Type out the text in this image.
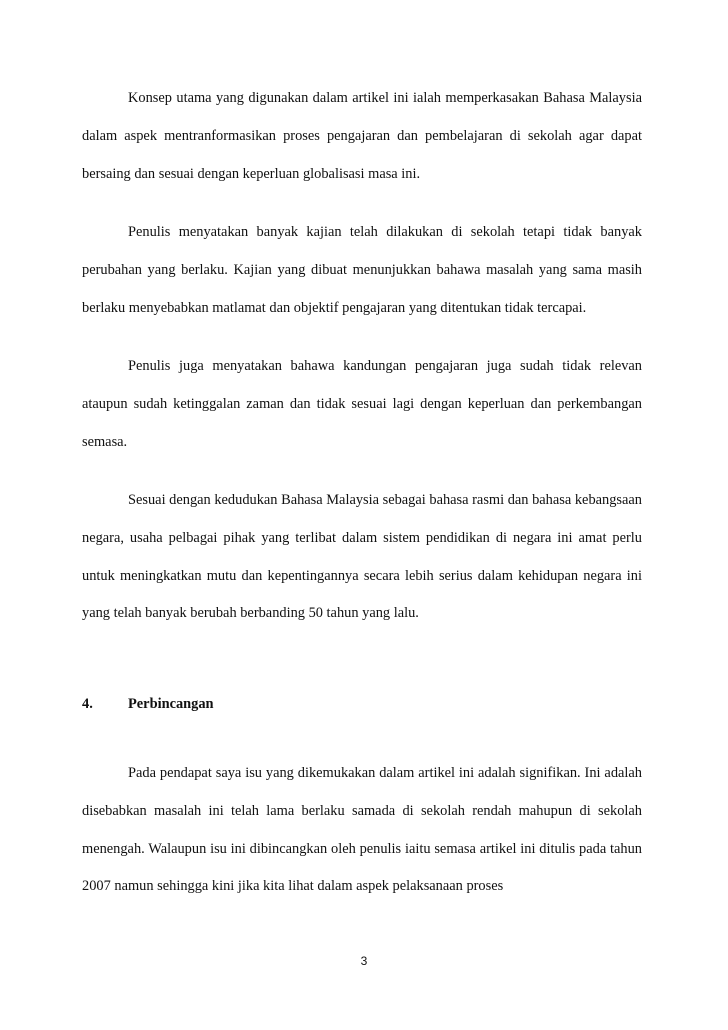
Konsep utama yang digunakan dalam artikel ini ialah memperkasakan Bahasa Malaysia dalam aspek mentranformasikan proses pengajaran dan pembelajaran di sekolah agar dapat bersaing dan sesuai dengan keperluan globalisasi masa ini.

Penulis menyatakan banyak kajian telah dilakukan di sekolah tetapi tidak banyak perubahan yang berlaku. Kajian yang dibuat menunjukkan bahawa masalah yang sama masih berlaku menyebabkan matlamat dan objektif pengajaran yang ditentukan tidak tercapai.

Penulis juga menyatakan bahawa kandungan pengajaran juga sudah tidak relevan ataupun sudah ketinggalan zaman dan tidak sesuai lagi dengan keperluan dan perkembangan semasa.

Sesuai dengan kedudukan Bahasa Malaysia sebagai bahasa rasmi dan bahasa kebangsaan negara, usaha pelbagai pihak yang terlibat dalam sistem pendidikan di negara ini amat perlu untuk meningkatkan mutu dan kepentingannya secara lebih serius dalam kehidupan negara ini yang telah banyak berubah berbanding 50 tahun yang lalu.

4. Perbincangan

Pada pendapat saya isu yang dikemukakan dalam artikel ini adalah signifikan. Ini adalah disebabkan masalah ini telah lama berlaku samada di sekolah rendah mahupun di sekolah menengah. Walaupun isu ini dibincangkan oleh penulis iaitu semasa artikel ini ditulis pada tahun 2007 namun sehingga kini jika kita lihat dalam aspek pelaksanaan proses

3
